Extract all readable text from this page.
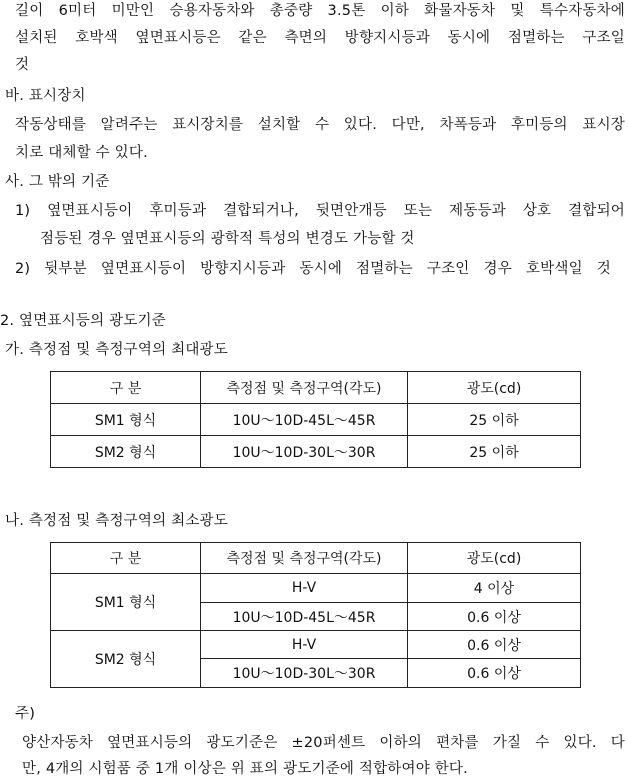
길이 6미터 미만인 승용자동차와 총중량 3.5톤 이하 화물자동차 및 특수자동차에
설치된 호박색 옆면표시등은 같은 측면의 방향지시등과 동시에 점멸하는 구조일
것
바. 표시장치
작동상태를 알려주는 표시장치를 설치할 수 있다. 다만, 차폭등과 후미등의 표시장
치로 대체할 수 있다.
사. 그 밖의 기준
1) 옆면표시등이 후미등과 결합되거나, 뒷면안개등 또는 제동등과 상호 결합되어
점등된 경우 옆면표시등의 광학적 특성의 변경도 가능할 것
2) 뒷부분 옆면표시등이 방향지시등과 동시에 점멸하는 구조인 경우 호박색일 것
2. 옆면표시등의 광도기준
가. 측정점 및 측정구역의 최대광도
구 분	측정점 및 측정구역(각도)	광도(cd)
SM1 형식	10U～10D-45L～45R	25 이하
SM2 형식	10U～10D-30L～30R	25 이하
나. 측정점 및 측정구역의 최소광도
구 분	측정점 및 측정구역(각도)	광도(cd)
SM1 형식	H-V	4 이상
	10U～10D-45L～45R	0.6 이상
SM2 형식	H-V	0.6 이상
	10U～10D-30L～30R	0.6 이상
주)
양산자동차 옆면표시등의 광도기준은 ±20퍼센트 이하의 편차를 가질 수 있다. 다
만, 4개의 시험품 중 1개 이상은 위 표의 광도기준에 적합하여야 한다.
